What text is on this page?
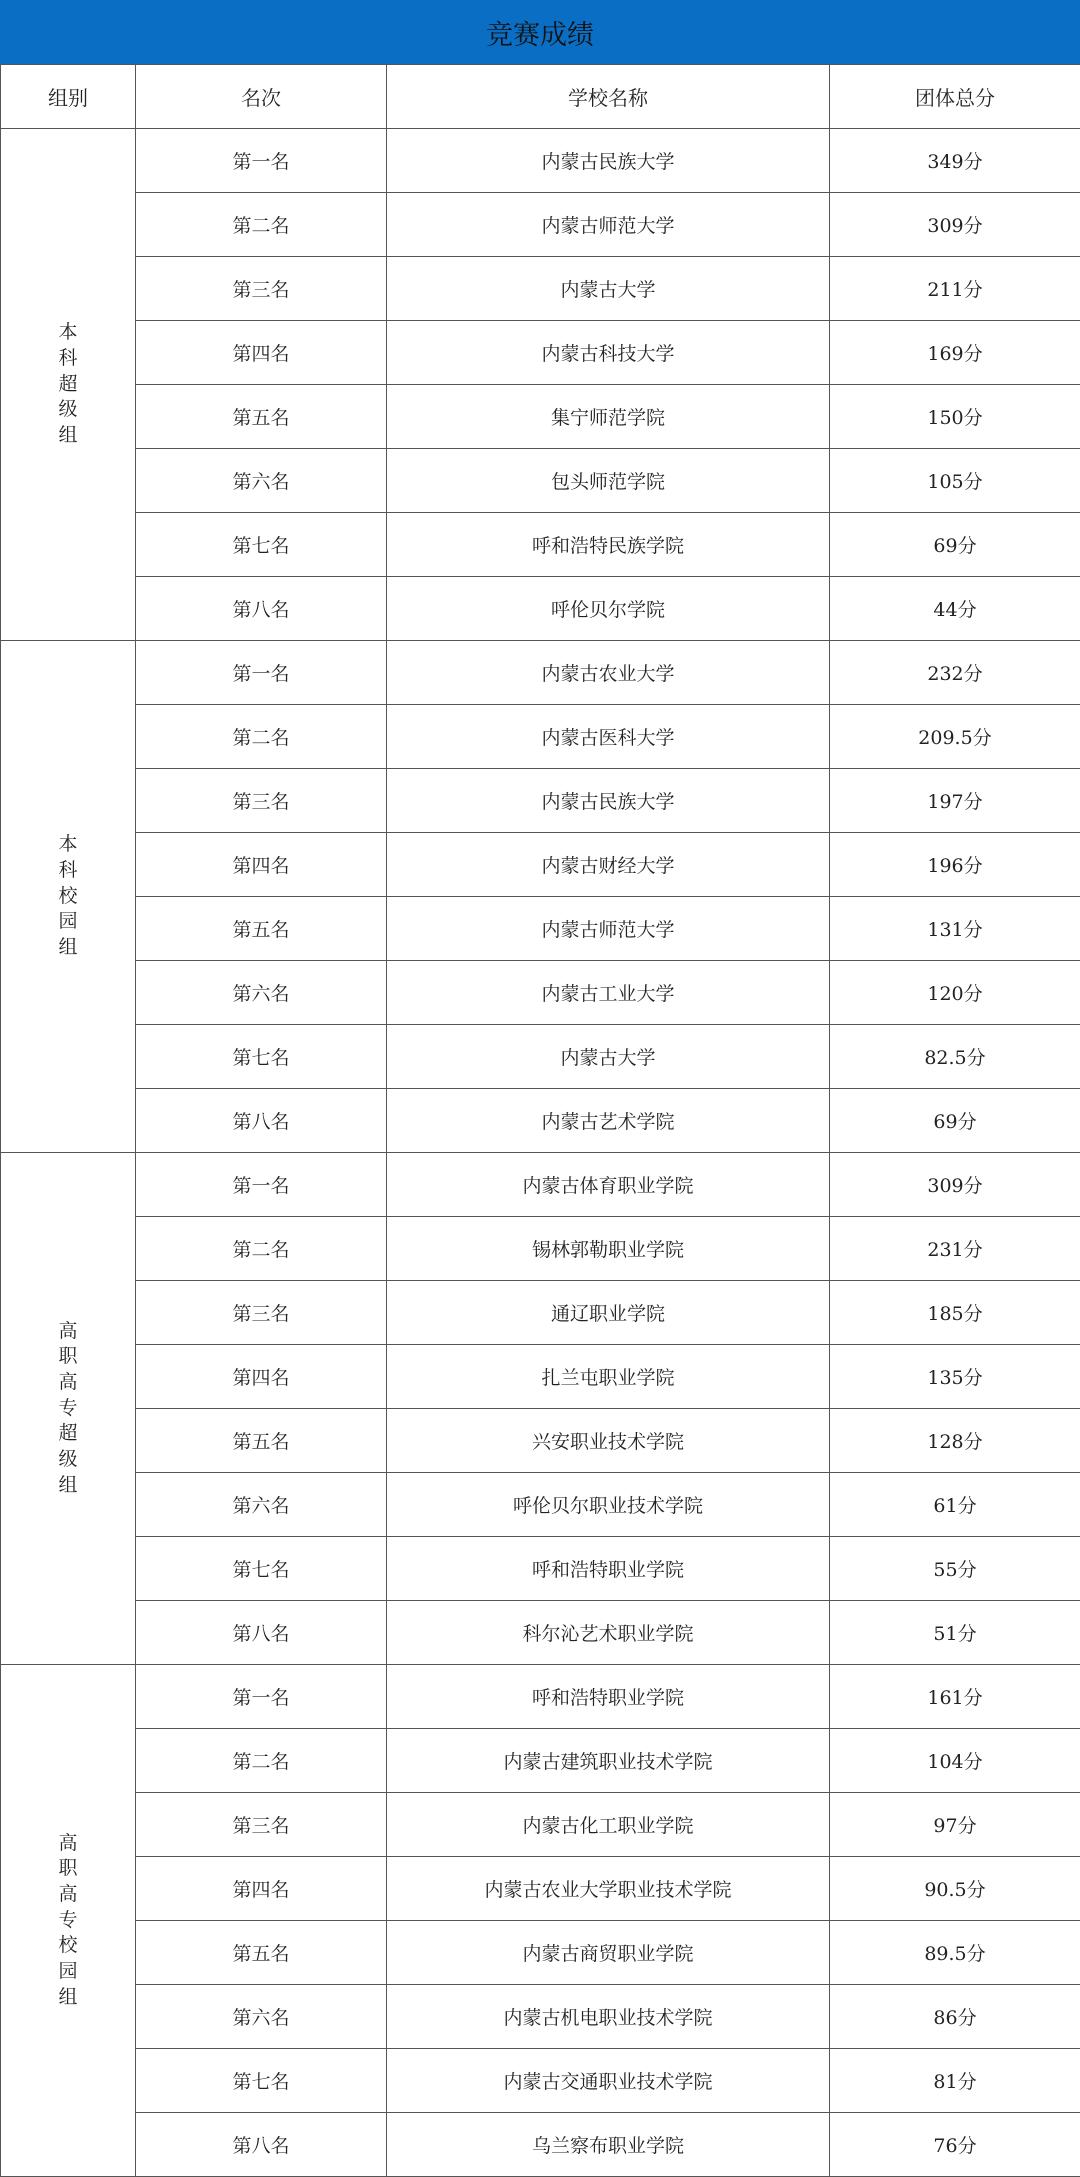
竞赛成绩
组别	名次	学校名称	团体总分
本科超级组	第一名	内蒙古民族大学	349分
	第二名	内蒙古师范大学	309分
	第三名	内蒙古大学	211分
	第四名	内蒙古科技大学	169分
	第五名	集宁师范学院	150分
	第六名	包头师范学院	105分
	第七名	呼和浩特民族学院	69分
	第八名	呼伦贝尔学院	44分
本科校园组	第一名	内蒙古农业大学	232分
	第二名	内蒙古医科大学	209.5分
	第三名	内蒙古民族大学	197分
	第四名	内蒙古财经大学	196分
	第五名	内蒙古师范大学	131分
	第六名	内蒙古工业大学	120分
	第七名	内蒙古大学	82.5分
	第八名	内蒙古艺术学院	69分
高职高专超级组	第一名	内蒙古体育职业学院	309分
	第二名	锡林郭勒职业学院	231分
	第三名	通辽职业学院	185分
	第四名	扎兰屯职业学院	135分
	第五名	兴安职业技术学院	128分
	第六名	呼伦贝尔职业技术学院	61分
	第七名	呼和浩特职业学院	55分
	第八名	科尔沁艺术职业学院	51分
高职高专校园组	第一名	呼和浩特职业学院	161分
	第二名	内蒙古建筑职业技术学院	104分
	第三名	内蒙古化工职业学院	97分
	第四名	内蒙古农业大学职业技术学院	90.5分
	第五名	内蒙古商贸职业学院	89.5分
	第六名	内蒙古机电职业技术学院	86分
	第七名	内蒙古交通职业技术学院	81分
	第八名	乌兰察布职业学院	76分
